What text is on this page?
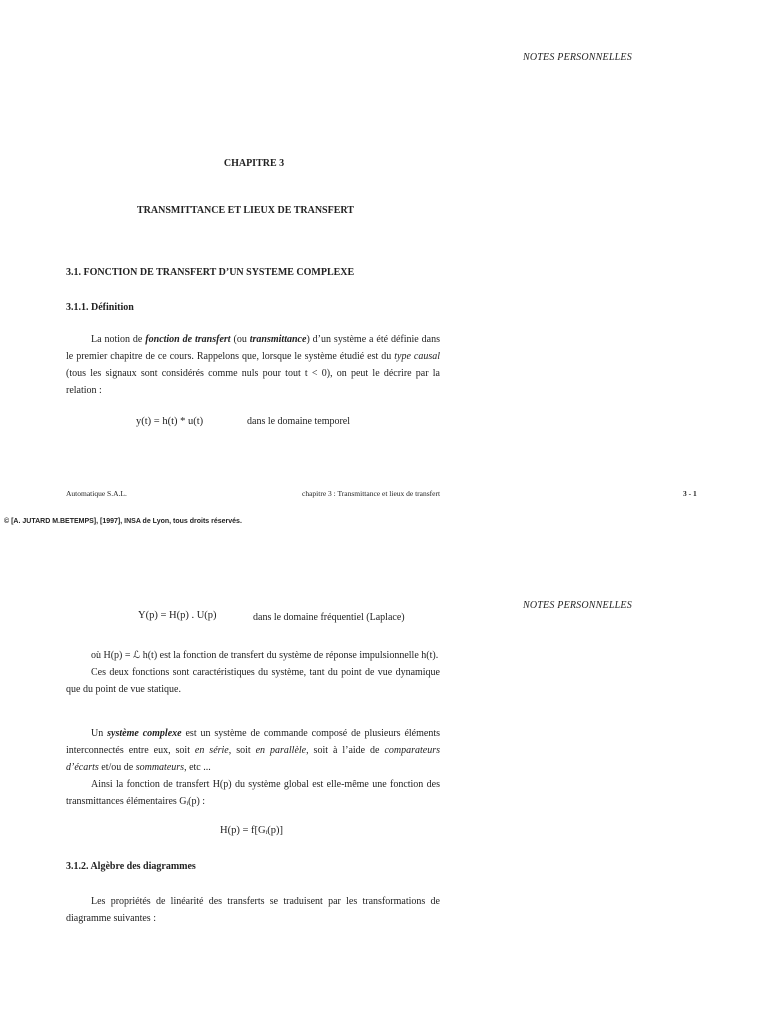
NOTES PERSONNELLES
CHAPITRE 3
TRANSMITTANCE ET LIEUX DE TRANSFERT
3.1. FONCTION DE TRANSFERT D’UN SYSTEME COMPLEXE
3.1.1. Définition

La notion de fonction de transfert (ou transmittance) d’un système a été définie dans le premier chapitre de ce cours. Rappelons que, lorsque le système étudié est du type causal (tous les signaux sont considérés comme nuls pour tout t < 0), on peut le décrire par la relation :

y(t) = h(t) * u(t)	dans le domaine temporel
Automatique S.A.L.	chapitre 3 : Transmittance et lieux de transfert	3 - 1
© [A. JUTARD M.BETEMPS], [1997], INSA de Lyon, tous droits réservés.
NOTES PERSONNELLES
Y(p) = H(p) . U(p)	dans le domaine fréquentiel (Laplace)

où H(p) = ℒ h(t) est la fonction de transfert du système de réponse impulsionnelle h(t).

Ces deux fonctions sont caractéristiques du système, tant du point de vue dynamique que du point de vue statique.

Un système complexe est un système de commande composé de plusieurs éléments interconnectés entre eux, soit en série, soit en parallèle, soit à l’aide de comparateurs d’écarts et/ou de sommateurs, etc ...

Ainsi la fonction de transfert H(p) du système global est elle-même une fonction des transmittances élémentaires Gᵢ(p) :

H(p) = f[Gᵢ(p)]
3.1.2. Algèbre des diagrammes

Les propriétés de linéarité des transferts se traduisent par les transformations de diagramme suivantes :
